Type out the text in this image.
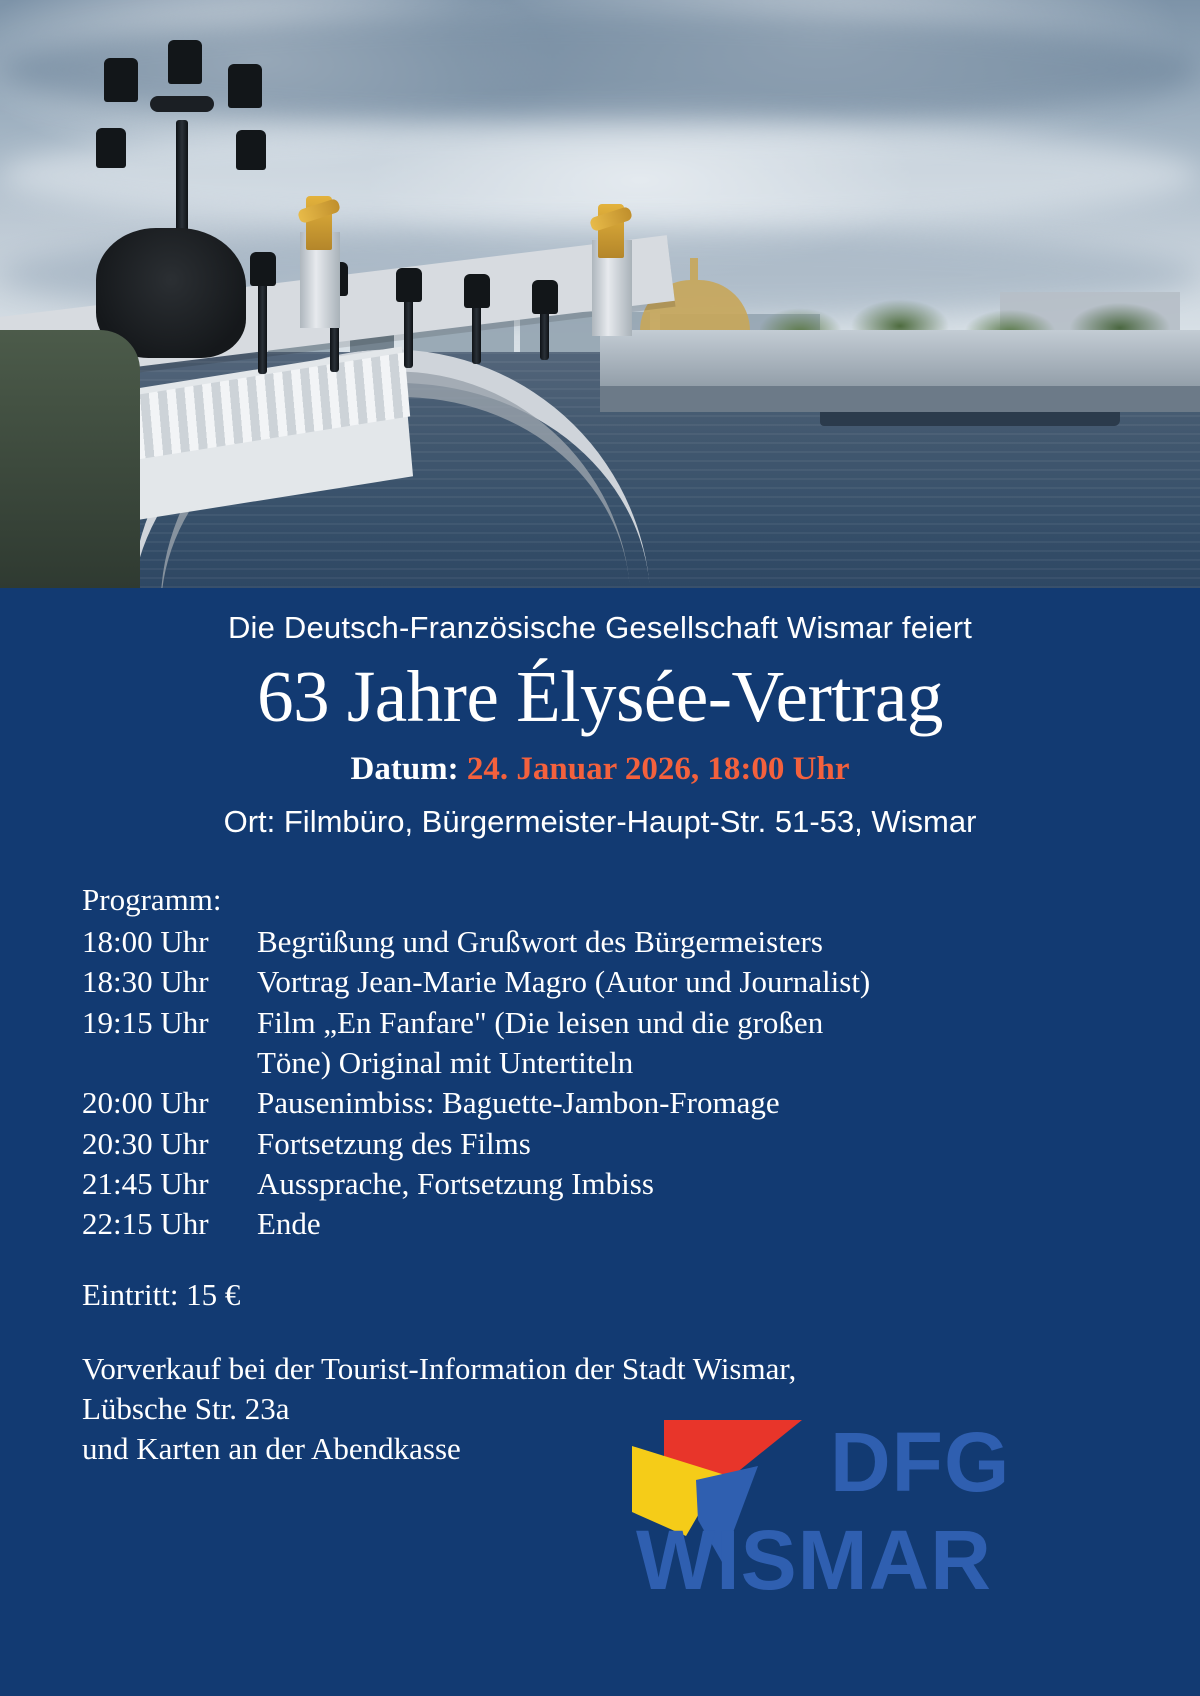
Die Deutsch-Französische Gesellschaft Wismar feiert
63 Jahre Élysée-Vertrag
Datum: 24. Januar 2026, 18:00 Uhr
Ort: Filmbüro, Bürgermeister-Haupt-Str. 51-53, Wismar
Programm:
18:00 Uhr	Begrüßung und Grußwort des Bürgermeisters
18:30 Uhr	Vortrag Jean-Marie Magro (Autor und Journalist)
19:15 Uhr	Film „En Fanfare" (Die leisen und die großen
Töne) Original mit Untertiteln
20:00 Uhr	Pausenimbiss: Baguette-Jambon-Fromage
20:30 Uhr	Fortsetzung des Films
21:45 Uhr	Aussprache, Fortsetzung Imbiss
22:15 Uhr	Ende
Eintritt: 15 €
Vorverkauf bei der Tourist-Information der Stadt Wismar,
Lübsche Str. 23a
und Karten an der Abendkasse	DFG
WISMAR
